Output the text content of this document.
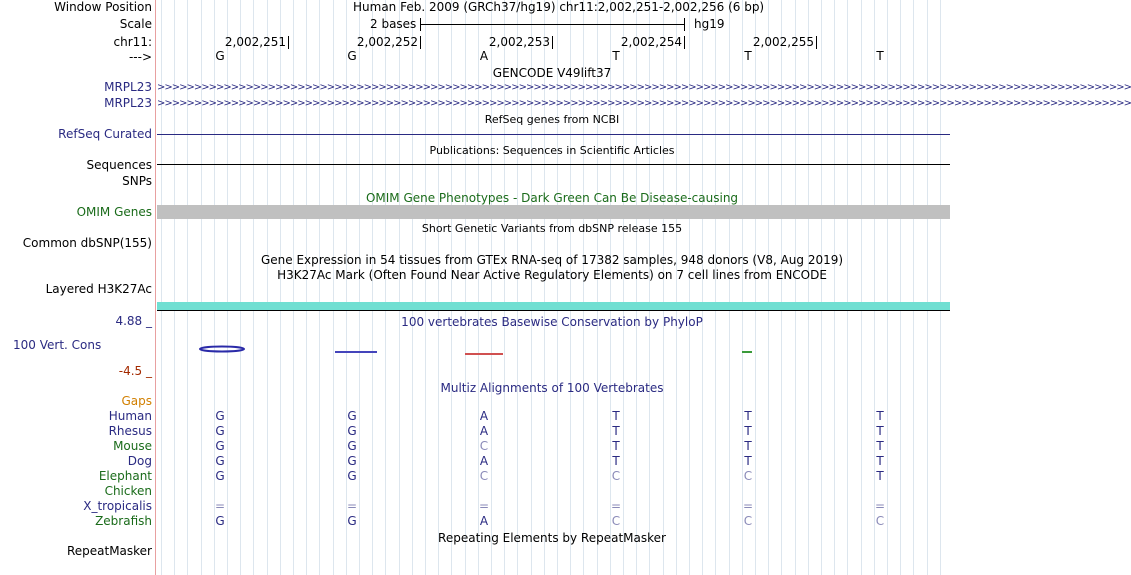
Window Position	Human Feb. 2009 (GRCh37/hg19) chr11:2,002,251-2,002,256 (6 bp)
Scale	2 bases	hg19
chr11:	2,002,251	2,002,252	2,002,253	2,002,254	2,002,255
--->	G	G	A	T	T	T
GENCODE V49lift37
MRPL23 >>>>>>>>>>>>>>>>>>>>>>>>>>>>>>>>>>>>>>>>>>>>>>>>>>>>>>>>>>>>>>>>>>>>>>>>>>>>>>>>>>>>>>>>>>>>>>>>>>>>>>>>>>>>>>>>>>>>>>>>>>>>>>>>>>>>
MRPL23 >>>>>>>>>>>>>>>>>>>>>>>>>>>>>>>>>>>>>>>>>>>>>>>>>>>>>>>>>>>>>>>>>>>>>>>>>>>>>>>>>>>>>>>>>>>>>>>>>>>>>>>>>>>>>>>>>>>>>>>>>>>>>>>>>>>>
RefSeq genes from NCBI
RefSeq Curated
Publications: Sequences in Scientific Articles
Sequences
SNPs
OMIM Gene Phenotypes - Dark Green Can Be Disease-causing
OMIM Genes
Short Genetic Variants from dbSNP release 155
Common dbSNP(155)
Gene Expression in 54 tissues from GTEx RNA-seq of 17382 samples, 948 donors (V8, Aug 2019)
H3K27Ac Mark (Often Found Near Active Regulatory Elements) on 7 cell lines from ENCODE
Layered H3K27Ac
4.88 _	100 vertebrates Basewise Conservation by PhyloP
100 Vert. Cons
-4.5 _
Multiz Alignments of 100 Vertebrates
Gaps
Human	G	G	A	T	T	T
Rhesus	G	G	A	T	T	T
Mouse	G	G	C	T	T	T
Dog	G	G	A	T	T	T
Elephant	G	G	C	C	C	T
Chicken
X_tropicalis	=	=	=	=	=	=
Zebrafish	G	G	A	C	C	C
Repeating Elements by RepeatMasker
RepeatMasker
